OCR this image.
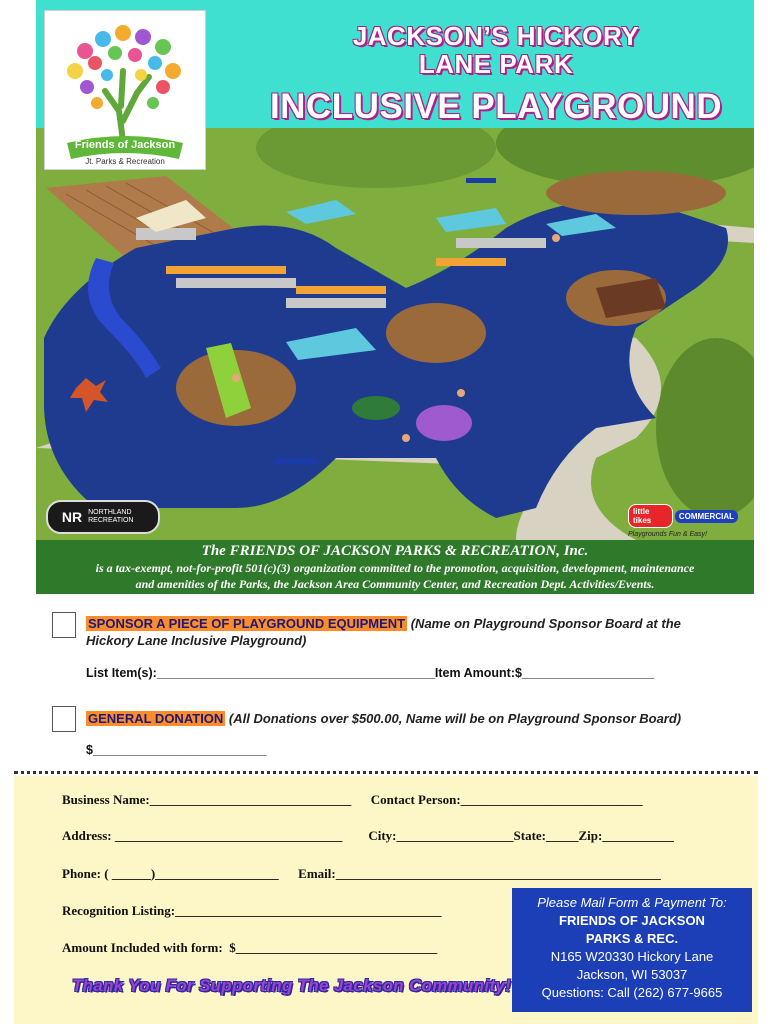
JACKSON’S HICKORY
LANE PARK
INCLUSIVE PLAYGROUND
Friends of Jackson
Jt. Parks & Recreation
NR NORTHLAND RECREATION
little tikes	COMMERCIAL
Playgrounds Fun & Easy!
The FRIENDS OF JACKSON PARKS & RECREATION, Inc.
is a tax-exempt, not-for-profit 501(c)(3) organization committed to the promotion, acquisition, development, maintenance
and amenities of the Parks, the Jackson Area Community Center, and Recreation Dept. Activities/Events.
SPONSOR A PIECE OF PLAYGROUND EQUIPMENT (Name on Playground Sponsor Board at the
Hickory Lane Inclusive Playground)
List Item(s):________________________________________Item Amount:$___________________
GENERAL DONATION (All Donations over $500.00, Name will be on Playground Sponsor Board)
$_________________________
Business Name:_______________________________      Contact Person:____________________________
Address: ___________________________________        City:__________________State:_____Zip:___________
Phone: ( ______)___________________      Email:__________________________________________________
Recognition Listing:_________________________________________
Amount Included with form:  $_______________________________
Please Mail Form & Payment To:
FRIENDS OF JACKSON
PARKS & REC.
N165 W20330 Hickory Lane
Jackson, WI 53037
Questions: Call (262) 677-9665
Thank You For Supporting The Jackson Community!
